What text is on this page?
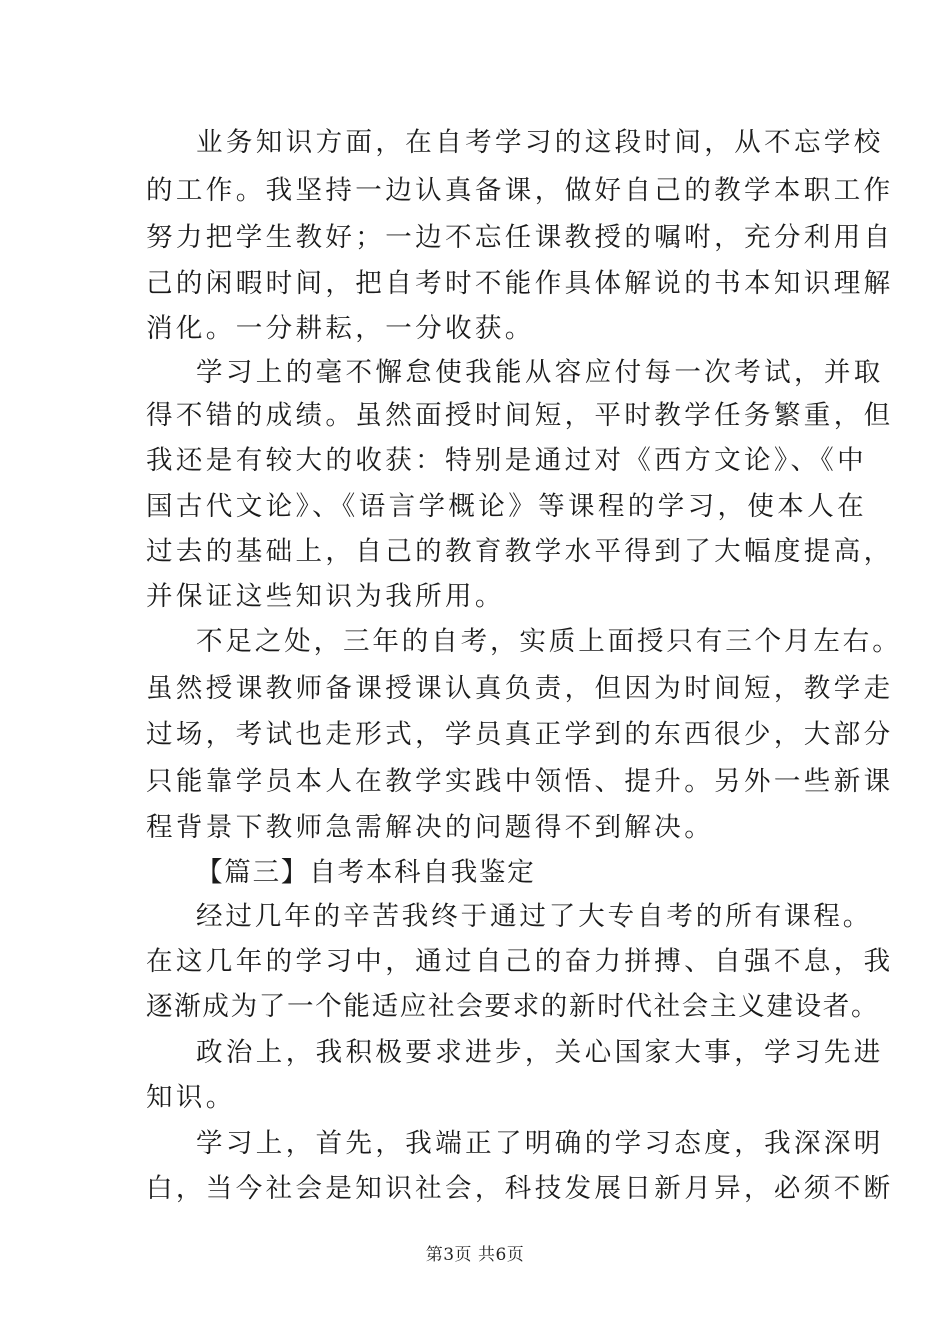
业务知识方面，在自考学习的这段时间，从不忘学校
的工作。我坚持一边认真备课，做好自己的教学本职工作
努力把学生教好；一边不忘任课教授的嘱咐，充分利用自
己的闲暇时间，把自考时不能作具体解说的书本知识理解
消化。一分耕耘，一分收获。
学习上的毫不懈怠使我能从容应付每一次考试，并取
得不错的成绩。虽然面授时间短，平时教学任务繁重，但
我还是有较大的收获：特别是通过对《西方文论》、《中
国古代文论》、《语言学概论》等课程的学习，使本人在
过去的基础上，自己的教育教学水平得到了大幅度提高，
并保证这些知识为我所用。
不足之处，三年的自考，实质上面授只有三个月左右。
虽然授课教师备课授课认真负责，但因为时间短，教学走
过场，考试也走形式，学员真正学到的东西很少，大部分
只能靠学员本人在教学实践中领悟、提升。另外一些新课
程背景下教师急需解决的问题得不到解决。
【篇三】自考本科自我鉴定
经过几年的辛苦我终于通过了大专自考的所有课程。
在这几年的学习中，通过自己的奋力拼搏、自强不息，我
逐渐成为了一个能适应社会要求的新时代社会主义建设者。
政治上，我积极要求进步，关心国家大事，学习先进
知识。
学习上，首先，我端正了明确的学习态度，我深深明
白，当今社会是知识社会，科技发展日新月异，必须不断
第3页 共6页
